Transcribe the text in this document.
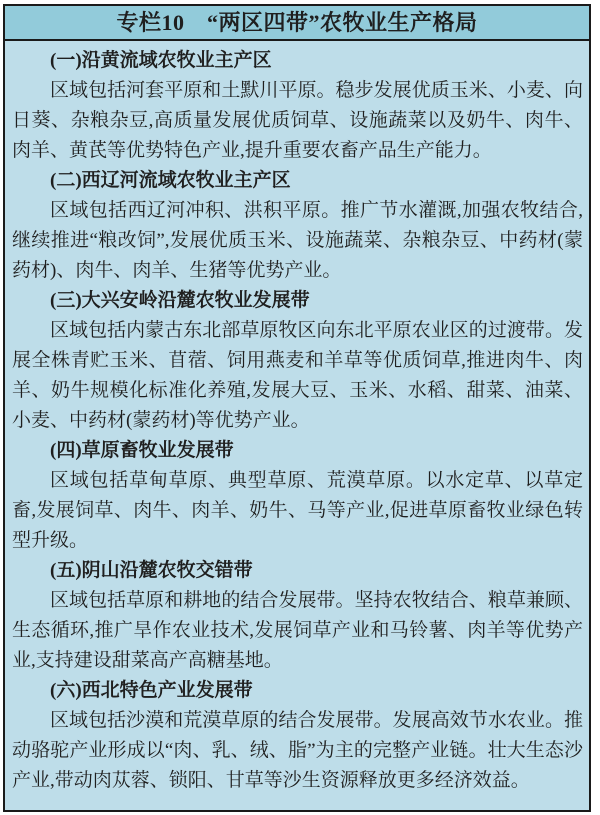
专栏10　“两区四带”农牧业生产格局

(一)沿黄流域农牧业主产区

区域包括河套平原和土默川平原。稳步发展优质玉米、小麦、向日葵、杂粮杂豆,高质量发展优质饲草、设施蔬菜以及奶牛、肉牛、肉羊、黄芪等优势特色产业,提升重要农畜产品生产能力。

(二)西辽河流域农牧业主产区

区域包括西辽河冲积、洪积平原。推广节水灌溉,加强农牧结合,继续推进“粮改饲”,发展优质玉米、设施蔬菜、杂粮杂豆、中药材(蒙药材)、肉牛、肉羊、生猪等优势产业。

(三)大兴安岭沿麓农牧业发展带

区域包括内蒙古东北部草原牧区向东北平原农业区的过渡带。发展全株青贮玉米、苜蓿、饲用燕麦和羊草等优质饲草,推进肉牛、肉羊、奶牛规模化标准化养殖,发展大豆、玉米、水稻、甜菜、油菜、小麦、中药材(蒙药材)等优势产业。

(四)草原畜牧业发展带

区域包括草甸草原、典型草原、荒漠草原。以水定草、以草定畜,发展饲草、肉牛、肉羊、奶牛、马等产业,促进草原畜牧业绿色转型升级。

(五)阴山沿麓农牧交错带

区域包括草原和耕地的结合发展带。坚持农牧结合、粮草兼顾、生态循环,推广旱作农业技术,发展饲草产业和马铃薯、肉羊等优势产业,支持建设甜菜高产高糖基地。

(六)西北特色产业发展带

区域包括沙漠和荒漠草原的结合发展带。发展高效节水农业。推动骆驼产业形成以“肉、乳、绒、脂”为主的完整产业链。壮大生态沙产业,带动肉苁蓉、锁阳、甘草等沙生资源释放更多经济效益。
